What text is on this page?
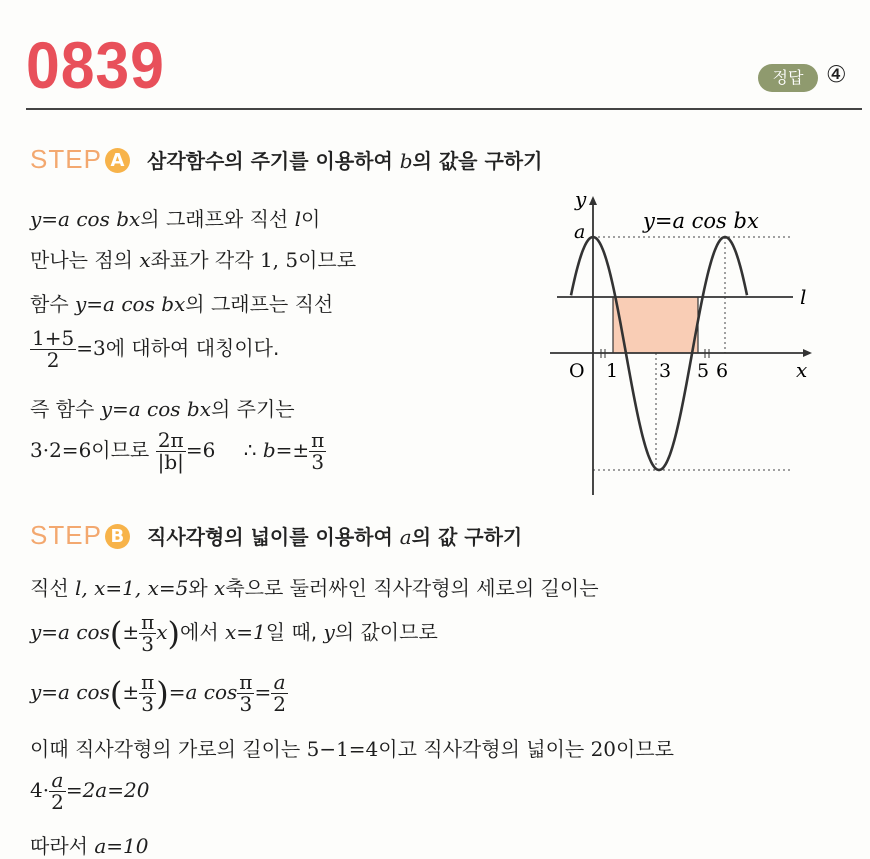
0839	정답 ④
STEP A 삼각함수의 주기를 이용하여 b의 값을 구하기
y=a cos bx의 그래프와 직선 l이
만나는 점의 x좌표가 각각 1, 5이므로
함수 y=a cos bx의 그래프는 직선
$\frac{1+5}{2} =3$에 대하여 대칭이다.
즉 함수 y=a cos bx의 주기는
3·2=6이므로 $\frac{2\pi}{|b|} =6$ ∴ $b=\pm \frac{\pi}{3}$
y
a	y=a cos bx
l
O 1 3 5 6	x
STEP B 직사각형의 넓이를 이용하여 a의 값 구하기
직선 l, x=1, x=5와 x축으로 둘러싸인 직사각형의 세로의 길이는
y=a $\cos(\pm \frac{\pi}{3} x)$에서 x=1일 때, y의 값이므로
y=a $\cos(\pm \frac{\pi}{3} )=a$ $\cos \frac{\pi}{3} = \frac{a}{2}$
이때 직사각형의 가로의 길이는 5−1=4이고 직사각형의 넓이는 20이므로
$4\cdot \frac{a}{2} =2a=20$
따라서 a=10
